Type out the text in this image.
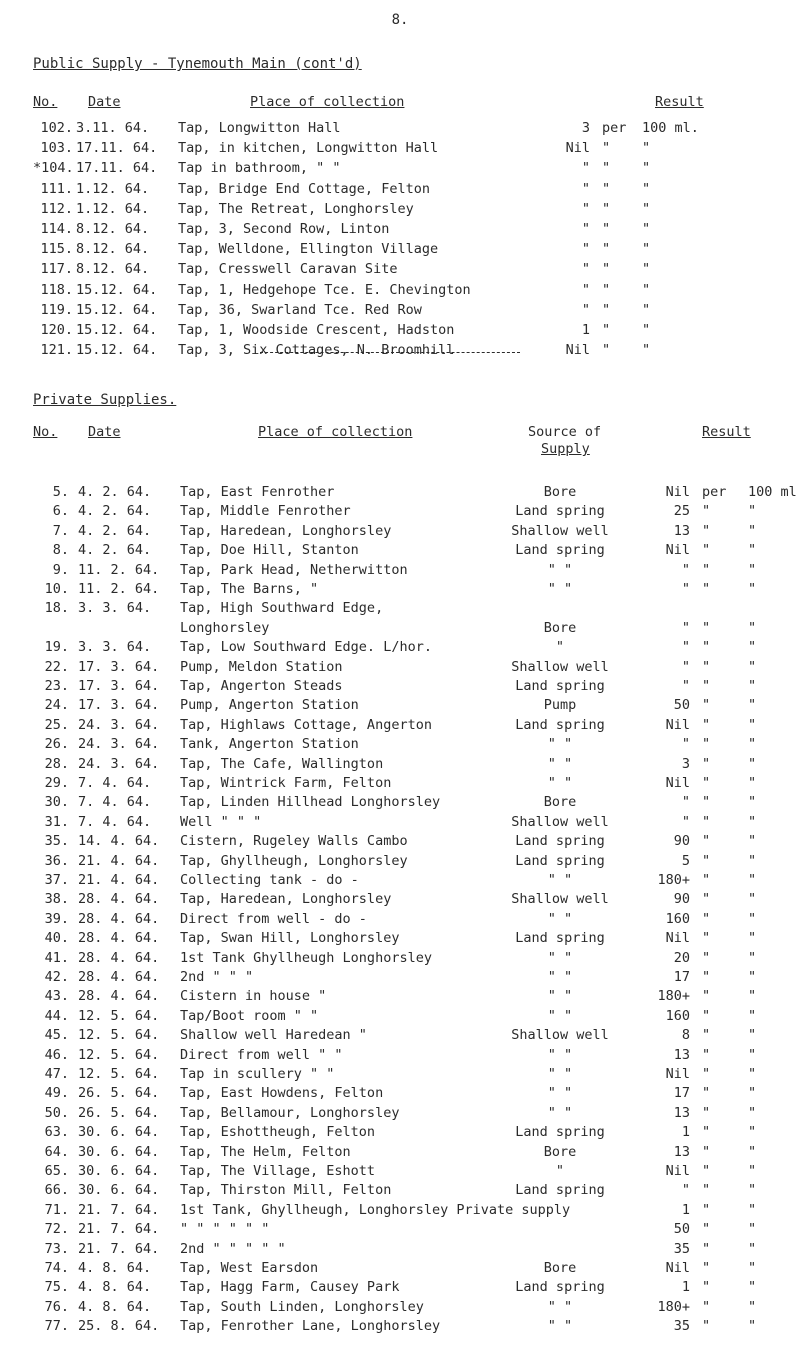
8.
Public Supply - Tynemouth Main (cont'd)
No. Date	Place of collection	Result
102. 3.11. 64.	Tap, Longwitton Hall	3 per 100 ml.
103. 17.11. 64.	Tap, in kitchen, Longwitton Hall	Nil " "
*104. 17.11. 64.	Tap in bathroom, " "	" " "
111. 1.12. 64.	Tap, Bridge End Cottage, Felton	" " "
112. 1.12. 64.	Tap, The Retreat, Longhorsley	" " "
114. 8.12. 64.	Tap, 3, Second Row, Linton	" " "
115. 8.12. 64.	Tap, Welldone, Ellington Village	" " "
117. 8.12. 64.	Tap, Cresswell Caravan Site	" " "
118. 15.12. 64.	Tap, 1, Hedgehope Tce. E. Chevington	" " "
119. 15.12. 64.	Tap, 36, Swarland Tce. Red Row	" " "
120. 15.12. 64.	Tap, 1, Woodside Crescent, Hadston	1 " "
121. 15.12. 64.	Tap, 3, Six Cottages, N. Broomhill	Nil " "
Private Supplies.
No. Date	Place of collection	Source of
Supply
Result
5. 4. 2. 64.	Tap, East Fenrother	Bore	Nil per 100 ml
6. 4. 2. 64.	Tap, Middle Fenrother	Land spring	25 "	"
7. 4. 2. 64.	Tap, Haredean, Longhorsley	Shallow well	13 "	"
8. 4. 2. 64.	Tap, Doe Hill, Stanton	Land spring	Nil "	"
9. 11. 2. 64.	Tap, Park Head, Netherwitton	" "	" "	"
10. 11. 2. 64.	Tap, The Barns, "	" "	" "	"
18. 3. 3. 64.	Tap, High Southward Edge,
Longhorsley	Bore	" "	"
19. 3. 3. 64.	Tap, Low Southward Edge. L/hor.	"	" "	"
22. 17. 3. 64.	Pump, Meldon Station	Shallow well	" "	"
23. 17. 3. 64.	Tap, Angerton Steads	Land spring	" "	"
24. 17. 3. 64.	Pump, Angerton Station	Pump	50 "	"
25. 24. 3. 64.	Tap, Highlaws Cottage, Angerton	Land spring	Nil "	"
26. 24. 3. 64.	Tank, Angerton Station	" "	" "	"
28. 24. 3. 64.	Tap, The Cafe, Wallington	" "	3 "	"
29. 7. 4. 64.	Tap, Wintrick Farm, Felton	" "	Nil "	"
30. 7. 4. 64.	Tap, Linden Hillhead Longhorsley	Bore	" "	"
31. 7. 4. 64.	Well " " "	Shallow well	" "	"
35. 14. 4. 64.	Cistern, Rugeley Walls Cambo	Land spring	90 "	"
36. 21. 4. 64.	Tap, Ghyllheugh, Longhorsley	Land spring	5 "	"
37. 21. 4. 64.	Collecting tank - do -	" "	180+ "	"
38. 28. 4. 64.	Tap, Haredean, Longhorsley	Shallow well	90 "	"
39. 28. 4. 64.	Direct from well - do -	" "	160 "	"
40. 28. 4. 64.	Tap, Swan Hill, Longhorsley	Land spring	Nil "	"
41. 28. 4. 64.	1st Tank Ghyllheugh Longhorsley	" "	20 "	"
42. 28. 4. 64.	2nd " " "	" "	17 "	"
43. 28. 4. 64.	Cistern in house "	" "	180+ "	"
44. 12. 5. 64.	Tap/Boot room " "	" "	160 "	"
45. 12. 5. 64.	Shallow well Haredean "	Shallow well	8 "	"
46. 12. 5. 64.	Direct from well " "	" "	13 "	"
47. 12. 5. 64.	Tap in scullery " "	" "	Nil "	"
49. 26. 5. 64.	Tap, East Howdens, Felton	" "	17 "	"
50. 26. 5. 64.	Tap, Bellamour, Longhorsley	" "	13 "	"
63. 30. 6. 64.	Tap, Eshottheugh, Felton	Land spring	1 "	"
64. 30. 6. 64.	Tap, The Helm, Felton	Bore	13 "	"
65. 30. 6. 64.	Tap, The Village, Eshott	"	Nil "	"
66. 30. 6. 64.	Tap, Thirston Mill, Felton	Land spring	" "	"
71. 21. 7. 64.	1st Tank, Ghyllheugh, Longhorsley Private supply	1 "	"
72. 21. 7. 64.	" " " " " "	50 "	"
73. 21. 7. 64.	2nd " " " " "	35 "	"
74. 4. 8. 64.	Tap, West Earsdon	Bore	Nil "	"
75. 4. 8. 64.	Tap, Hagg Farm, Causey Park	Land spring	1 "	"
76. 4. 8. 64.	Tap, South Linden, Longhorsley	" "	180+ "	"
77. 25. 8. 64.	Tap, Fenrother Lane, Longhorsley	" "	35 "	"
